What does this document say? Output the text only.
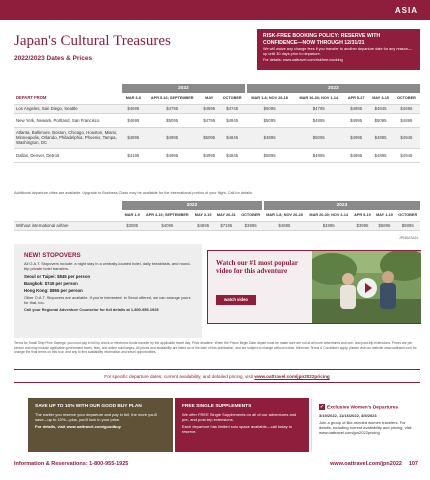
ASIA
Japan's Cultural Treasures
2022/2023 Dates & Prices
RISK-FREE BOOKING POLICY: RESERVE WITH CONFIDENCE—NOW THROUGH 12/31/21
We will waive any change fees if you transfer to another departure date for any reason—up until 30 days prior to departure.
For details: www.oattravel.com/riskfree-booking
	2022				2023				
DEPART FROM	MAR 3-8	APR 5-16; SEPTEMBER	MAY	OCTOBER	MAR 1-8; NOV 26-18	MAR 16-30; NOV 1-14	APR 5-27	MAY 3-15	OCTOBER
Los Angeles, San Diego, Seattle	$4695	$4795	$4895	$4745	$5095	$4795	$4895	$4945	$4695
New York, Newark, Portland, San Francisco	$4695	$5095	$4795	$4845	$5095	$4895	$4995	$5095	$4895
Atlanta, Baltimore, Boston, Chicago, Houston, Miami, Minneapolis, Orlando, Philadelphia, Phoenix, Tampa, Washington, DC	$4895	$4895	$5095	$4845	$4895	$5095	$4995	$4895	$4945
Dallas, Denver, Detroit	$4195	$4995	$4995	$4845	$5895	$4895	$4895	$4895	$4945
Additional departure cities are available. Upgrade to Business Class may be available for the international portion of your flight. Call for details.
	2022					2023				
	MAR 1-9	APR 3-16; SEPTEMBER	MAY 3-15	MAY 26-31	OCTOBER	MAR 1-8; NOV 26-28	MAR 20-30; NOV 3-14	APR 5-19	MAY 1-15	OCTOBER
Without international airfare	$3085	$4095	$4895	$7195	$3995	$4895	$4895	$3995	$5895	$5895
JPNDATA22
NEW! STOPOVERS
All O.A.T. Stopovers include: a night stay in a centrally-located hotel, daily breakfasts, and round-trip private hotel transfers.
Seoul or Taipei: $845 per person
Bangkok: $745 per person
Hong Kong: $865 per person
Other O.A.T. Stopovers are available. If you're interested: In Seoul offered, we can arrange yours for that, too.
Call your Regional Adventure Counselor for full details at 1-800-955-1925
Watch our #1 most popular video for this adventure
watch video
Terms for Small Ship Price Savings: you must pay in full by check or electronic funds transfer by the applicable travel day. Price deadline: When the Prices Begin Date depart must be made sure are not at all more adventures and one- and post-trip extensions. Prices are per person and may include applicable government taxes, fees, and airline surcharges. All prices and availability are listed as of the date of this publication, and are subject to change without notice. Minimum Terms & Conditions apply, please visit our website www.oattravel.com for change the final terms on this tour, and any to find availability information and travel opportunities.
For specific departure dates, current availability, and detailed pricing, visit www.oattravel.com/jpn2022pricing
SAVE UP TO 10% WITH OUR GOOD BUY PLAN
The earlier you reserve your departure and pay in full, the more you'll save—up to 10%—plus, you'll lock in your price.
For details, visit www.oattravel.com/goodbuy
FREE SINGLE SUPPLEMENTS
We offer FREE Single Supplements on all of our adventures and pre- and post-trip extensions.
Each departure has limited solo space available—call today to reserve.
✓ Exclusive Women's Departures
3/19/2022, 11/16/2022, 4/5/2023
Join a group of like-minded women travelers. For details, including current availability and pricing, visit www.oattravel.com/jpn2022pricing
Information & Reservations: 1-800-955-1925	www.oattravel.com/jpn2022 107
